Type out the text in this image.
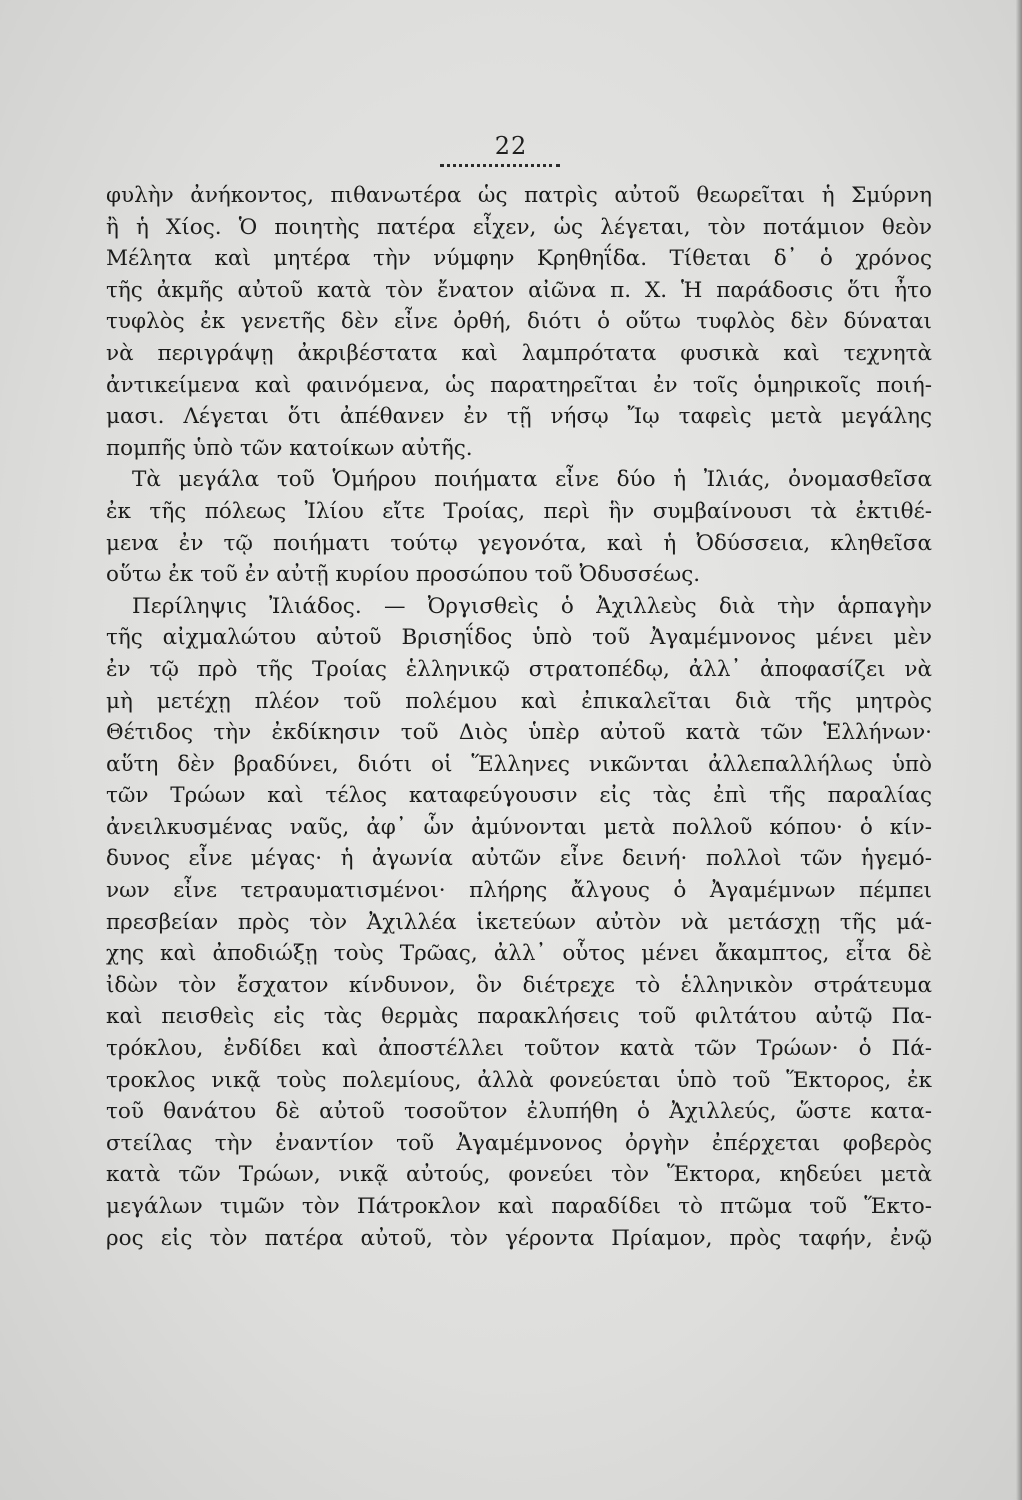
22
φυλὴν ἀνήκοντος, πιθανωτέρα ὡς πατρὶς αὐτοῦ θεωρεῖται ἡ Σμύρνη
ἢ ἡ Χίος. Ὁ ποιητὴς πατέρα εἶχεν, ὡς λέγεται, τὸν ποτάμιον θεὸν
Μέλητα καὶ μητέρα τὴν νύμφην Κρηθηΐδα. Τίθεται δ᾽ ὁ χρόνος
τῆς ἀκμῆς αὐτοῦ κατὰ τὸν ἔνατον αἰῶνα π. Χ. Ἡ παράδοσις ὅτι ἦτο
τυφλὸς ἐκ γενετῆς δὲν εἶνε ὀρθή, διότι ὁ οὕτω τυφλὸς δὲν δύναται
νὰ περιγράψῃ ἀκριβέστατα καὶ λαμπρότατα φυσικὰ καὶ τεχνητὰ
ἀντικείμενα καὶ φαινόμενα, ὡς παρατηρεῖται ἐν τοῖς ὁμηρικοῖς ποιή-
μασι. Λέγεται ὅτι ἀπέθανεν ἐν τῇ νήσῳ Ἴῳ ταφεὶς μετὰ μεγάλης
πομπῆς ὑπὸ τῶν κατοίκων αὐτῆς.
Τὰ μεγάλα τοῦ Ὁμήρου ποιήματα εἶνε δύο ἡ Ἰλιάς, ὀνομασθεῖσα
ἐκ τῆς πόλεως Ἰλίου εἴτε Τροίας, περὶ ἣν συμβαίνουσι τὰ ἐκτιθέ-
μενα ἐν τῷ ποιήματι τούτῳ γεγονότα, καὶ ἡ Ὀδύσσεια, κληθεῖσα
οὕτω ἐκ τοῦ ἐν αὐτῇ κυρίου προσώπου τοῦ Ὀδυσσέως.
Περίληψις Ἰλιάδος. — Ὀργισθεὶς ὁ Ἀχιλλεὺς διὰ τὴν ἁρπαγὴν
τῆς αἰχμαλώτου αὐτοῦ Βρισηΐδος ὑπὸ τοῦ Ἀγαμέμνονος μένει μὲν
ἐν τῷ πρὸ τῆς Τροίας ἑλληνικῷ στρατοπέδῳ, ἀλλ᾽ ἀποφασίζει νὰ
μὴ μετέχῃ πλέον τοῦ πολέμου καὶ ἐπικαλεῖται διὰ τῆς μητρὸς
Θέτιδος τὴν ἐκδίκησιν τοῦ Διὸς ὑπὲρ αὐτοῦ κατὰ τῶν Ἑλλήνων·
αὕτη δὲν βραδύνει, διότι οἱ Ἕλληνες νικῶνται ἀλλεπαλλήλως ὑπὸ
τῶν Τρώων καὶ τέλος καταφεύγουσιν εἰς τὰς ἐπὶ τῆς παραλίας
ἀνειλκυσμένας ναῦς, ἀφ᾽ ὧν ἀμύνονται μετὰ πολλοῦ κόπου· ὁ κίν-
δυνος εἶνε μέγας· ἡ ἀγωνία αὐτῶν εἶνε δεινή· πολλοὶ τῶν ἡγεμό-
νων εἶνε τετραυματισμένοι· πλήρης ἄλγους ὁ Ἀγαμέμνων πέμπει
πρεσβείαν πρὸς τὸν Ἀχιλλέα ἱκετεύων αὐτὸν νὰ μετάσχῃ τῆς μά-
χης καὶ ἀποδιώξῃ τοὺς Τρῶας, ἀλλ᾽ οὗτος μένει ἄκαμπτος, εἶτα δὲ
ἰδὼν τὸν ἔσχατον κίνδυνον, ὃν διέτρεχε τὸ ἑλληνικὸν στράτευμα
καὶ πεισθεὶς εἰς τὰς θερμὰς παρακλήσεις τοῦ φιλτάτου αὐτῷ Πα-
τρόκλου, ἐνδίδει καὶ ἀποστέλλει τοῦτον κατὰ τῶν Τρώων· ὁ Πά-
τροκλος νικᾷ τοὺς πολεμίους, ἀλλὰ φονεύεται ὑπὸ τοῦ Ἕκτορος, ἐκ
τοῦ θανάτου δὲ αὐτοῦ τοσοῦτον ἐλυπήθη ὁ Ἀχιλλεύς, ὥστε κατα-
στείλας τὴν ἐναντίον τοῦ Ἀγαμέμνονος ὀργὴν ἐπέρχεται φοβερὸς
κατὰ τῶν Τρώων, νικᾷ αὐτούς, φονεύει τὸν Ἕκτορα, κηδεύει μετὰ
μεγάλων τιμῶν τὸν Πάτροκλον καὶ παραδίδει τὸ πτῶμα τοῦ Ἕκτο-
ρος εἰς τὸν πατέρα αὐτοῦ, τὸν γέροντα Πρίαμον, πρὸς ταφήν, ἐνῷ
